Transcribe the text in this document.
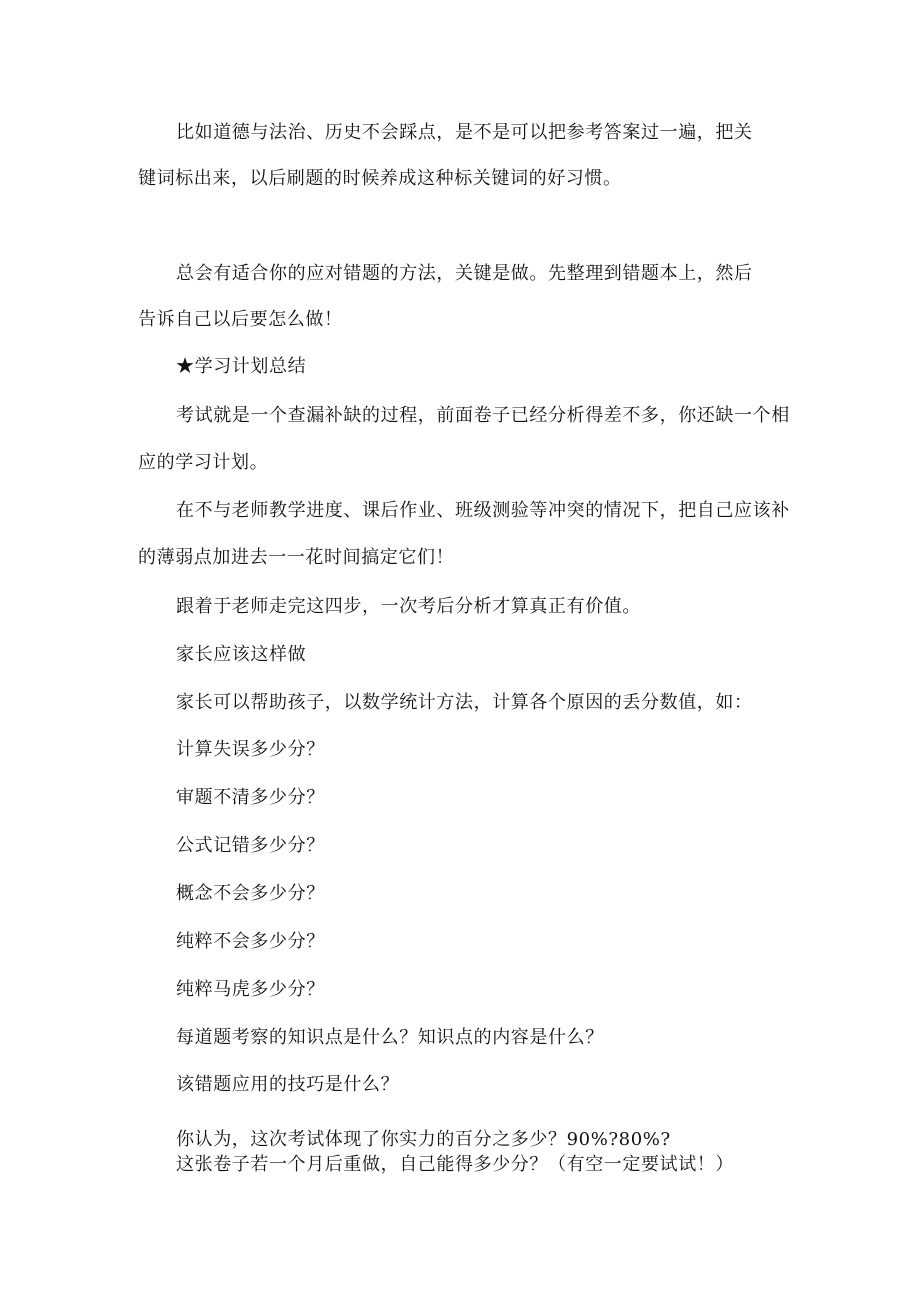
比如道德与法治、历史不会踩点，是不是可以把参考答案过一遍，把关
键词标出来，以后刷题的时候养成这种标关键词的好习惯。
总会有适合你的应对错题的方法，关键是做。先整理到错题本上，然后
告诉自己以后要怎么做！
★学习计划总结
考试就是一个查漏补缺的过程，前面卷子已经分析得差不多，你还缺一个相
应的学习计划。
在不与老师教学进度、课后作业、班级测验等冲突的情况下，把自己应该补
的薄弱点加进去一一花时间搞定它们！
跟着于老师走完这四步，一次考后分析才算真正有价值。
家长应该这样做
家长可以帮助孩子，以数学统计方法，计算各个原因的丢分数值，如：
计算失误多少分？
审题不清多少分？
公式记错多少分？
概念不会多少分？
纯粹不会多少分？
纯粹马虎多少分？
每道题考察的知识点是什么？知识点的内容是什么？
该错题应用的技巧是什么？
你认为，这次考试体现了你实力的百分之多少？90%?80%?
这张卷子若一个月后重做，自己能得多少分？（有空一定要试试！）
